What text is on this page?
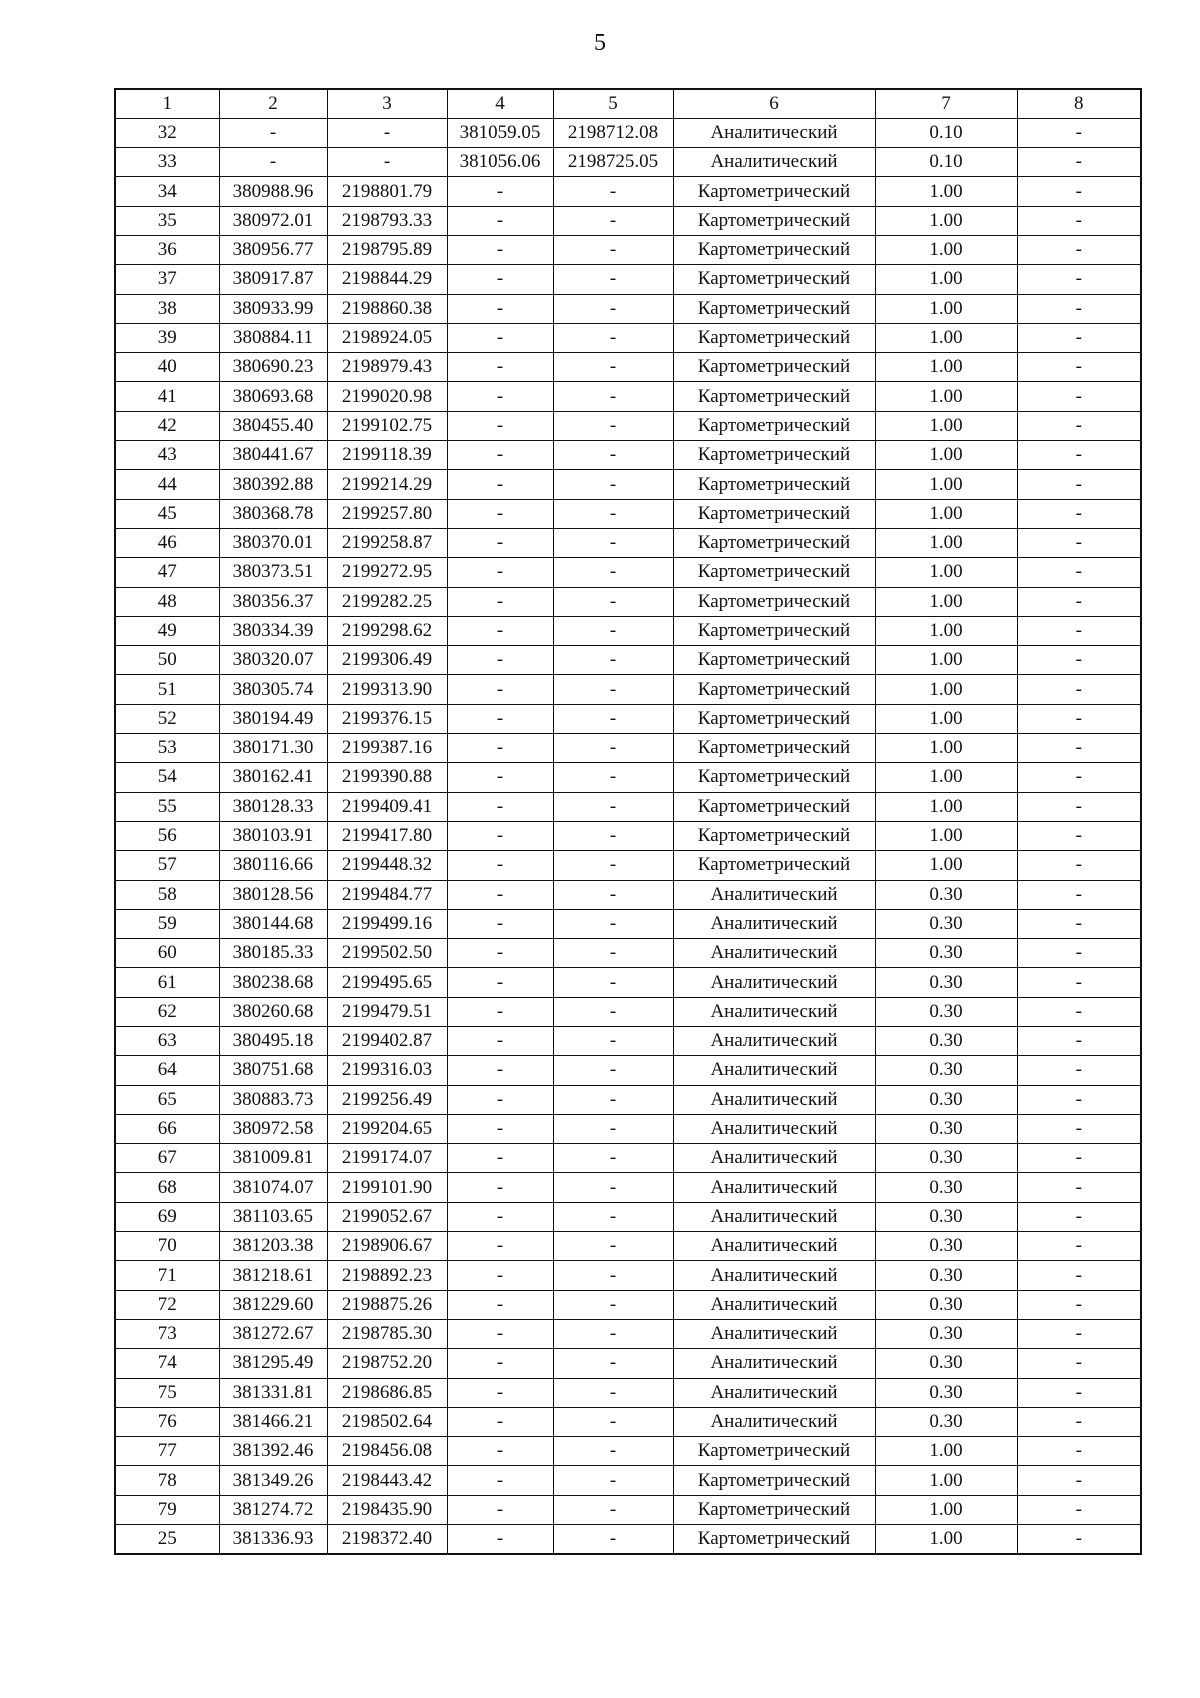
5
1	2	3	4	5	6	7	8
32	-	-	381059.05	2198712.08	Аналитический	0.10	-
33	-	-	381056.06	2198725.05	Аналитический	0.10	-
34	380988.96	2198801.79	-	-	Картометрический	1.00	-
35	380972.01	2198793.33	-	-	Картометрический	1.00	-
36	380956.77	2198795.89	-	-	Картометрический	1.00	-
37	380917.87	2198844.29	-	-	Картометрический	1.00	-
38	380933.99	2198860.38	-	-	Картометрический	1.00	-
39	380884.11	2198924.05	-	-	Картометрический	1.00	-
40	380690.23	2198979.43	-	-	Картометрический	1.00	-
41	380693.68	2199020.98	-	-	Картометрический	1.00	-
42	380455.40	2199102.75	-	-	Картометрический	1.00	-
43	380441.67	2199118.39	-	-	Картометрический	1.00	-
44	380392.88	2199214.29	-	-	Картометрический	1.00	-
45	380368.78	2199257.80	-	-	Картометрический	1.00	-
46	380370.01	2199258.87	-	-	Картометрический	1.00	-
47	380373.51	2199272.95	-	-	Картометрический	1.00	-
48	380356.37	2199282.25	-	-	Картометрический	1.00	-
49	380334.39	2199298.62	-	-	Картометрический	1.00	-
50	380320.07	2199306.49	-	-	Картометрический	1.00	-
51	380305.74	2199313.90	-	-	Картометрический	1.00	-
52	380194.49	2199376.15	-	-	Картометрический	1.00	-
53	380171.30	2199387.16	-	-	Картометрический	1.00	-
54	380162.41	2199390.88	-	-	Картометрический	1.00	-
55	380128.33	2199409.41	-	-	Картометрический	1.00	-
56	380103.91	2199417.80	-	-	Картометрический	1.00	-
57	380116.66	2199448.32	-	-	Картометрический	1.00	-
58	380128.56	2199484.77	-	-	Аналитический	0.30	-
59	380144.68	2199499.16	-	-	Аналитический	0.30	-
60	380185.33	2199502.50	-	-	Аналитический	0.30	-
61	380238.68	2199495.65	-	-	Аналитический	0.30	-
62	380260.68	2199479.51	-	-	Аналитический	0.30	-
63	380495.18	2199402.87	-	-	Аналитический	0.30	-
64	380751.68	2199316.03	-	-	Аналитический	0.30	-
65	380883.73	2199256.49	-	-	Аналитический	0.30	-
66	380972.58	2199204.65	-	-	Аналитический	0.30	-
67	381009.81	2199174.07	-	-	Аналитический	0.30	-
68	381074.07	2199101.90	-	-	Аналитический	0.30	-
69	381103.65	2199052.67	-	-	Аналитический	0.30	-
70	381203.38	2198906.67	-	-	Аналитический	0.30	-
71	381218.61	2198892.23	-	-	Аналитический	0.30	-
72	381229.60	2198875.26	-	-	Аналитический	0.30	-
73	381272.67	2198785.30	-	-	Аналитический	0.30	-
74	381295.49	2198752.20	-	-	Аналитический	0.30	-
75	381331.81	2198686.85	-	-	Аналитический	0.30	-
76	381466.21	2198502.64	-	-	Аналитический	0.30	-
77	381392.46	2198456.08	-	-	Картометрический	1.00	-
78	381349.26	2198443.42	-	-	Картометрический	1.00	-
79	381274.72	2198435.90	-	-	Картометрический	1.00	-
25	381336.93	2198372.40	-	-	Картометрический	1.00	-
